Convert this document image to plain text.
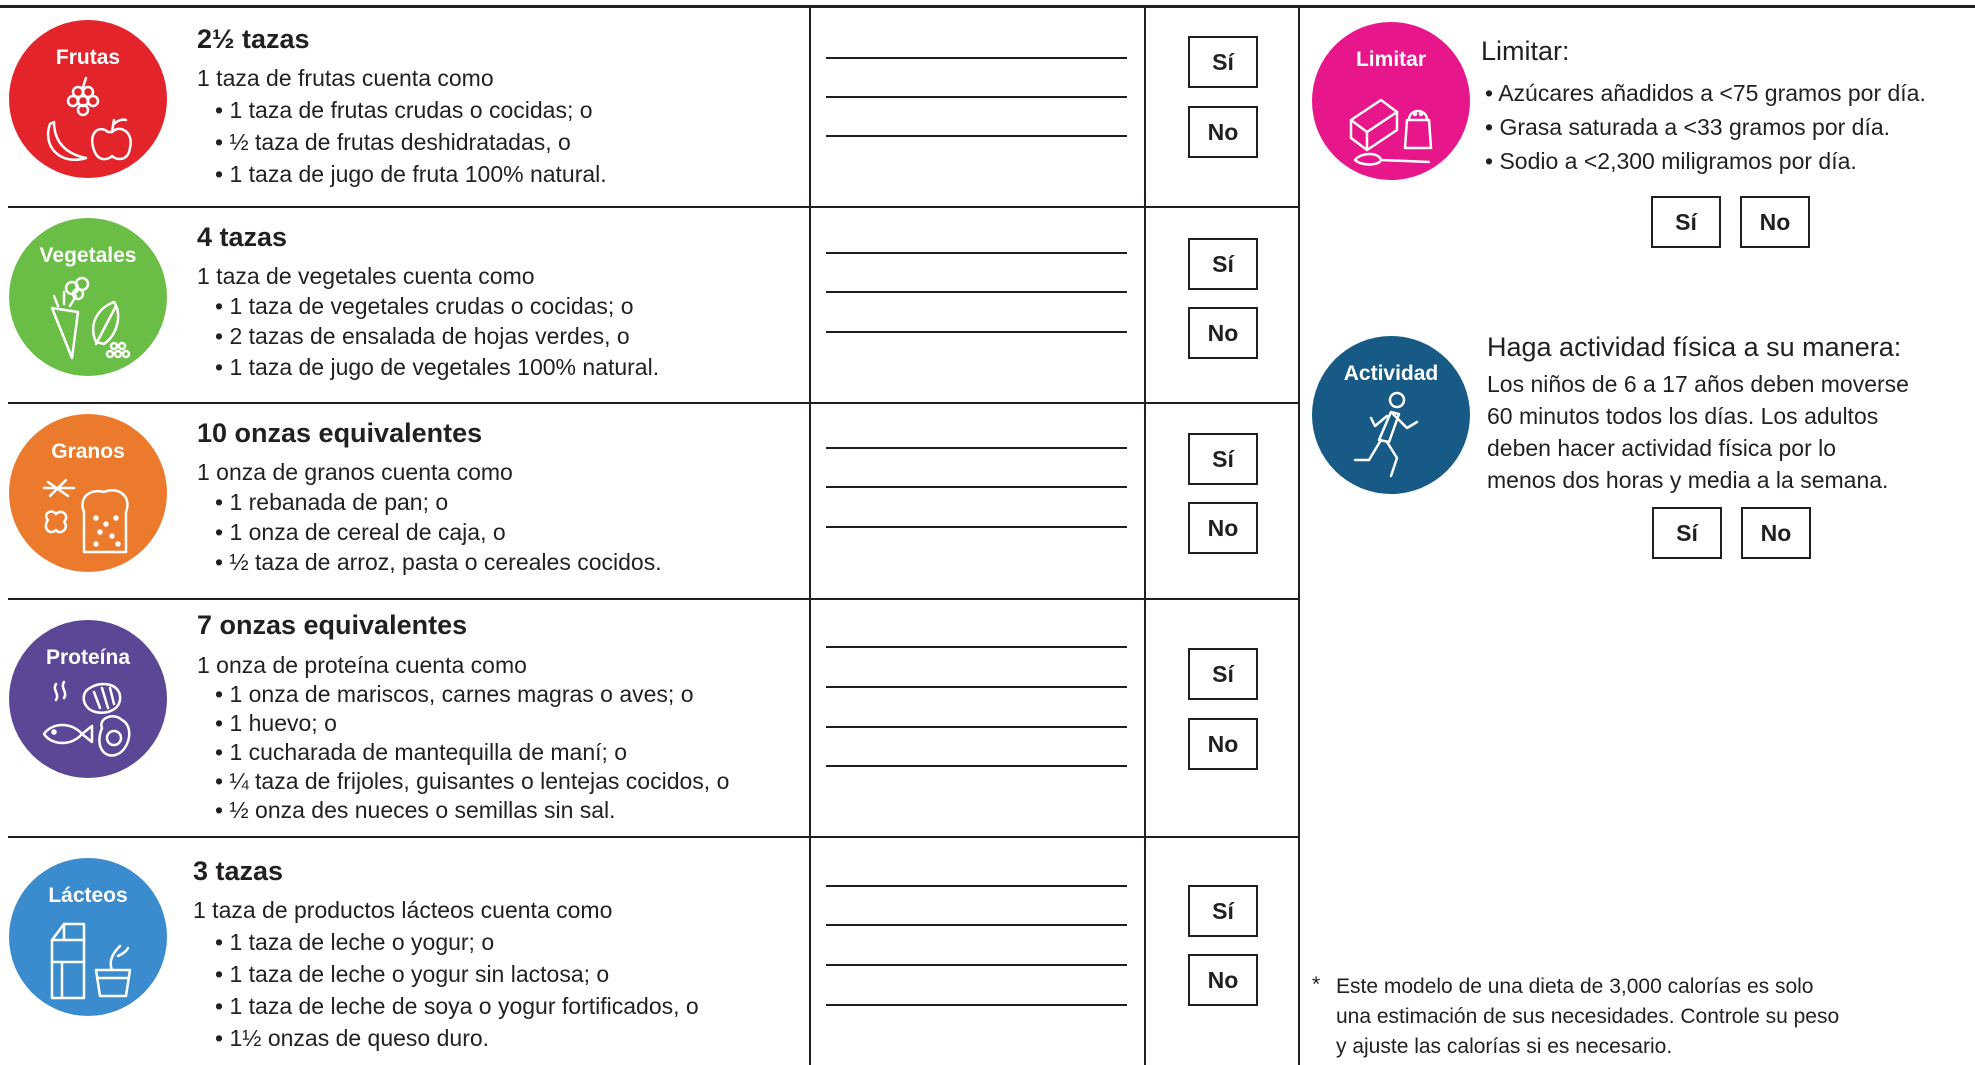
Frutas
2½ tazas
1 taza de frutas cuenta como
• 1 taza de frutas crudas o cocidas; o
• ½ taza de frutas deshidratadas, o
• 1 taza de jugo de fruta 100% natural.
Sí
No
Vegetales
4 tazas
1 taza de vegetales cuenta como
• 1 taza de vegetales crudas o cocidas; o
• 2 tazas de ensalada de hojas verdes, o
• 1 taza de jugo de vegetales 100% natural.
Sí
No
Granos
10 onzas equivalentes
1 onza de granos cuenta como
• 1 rebanada de pan; o
• 1 onza de cereal de caja, o
• ½ taza de arroz, pasta o cereales cocidos.
Sí
No
Proteína
7 onzas equivalentes
1 onza de proteína cuenta como
• 1 onza de mariscos, carnes magras o aves; o
• 1 huevo; o
• 1 cucharada de mantequilla de maní; o
• ¼ taza de frijoles, guisantes o lentejas cocidos, o
• ½ onza des nueces o semillas sin sal.
Sí
No
Lácteos
3 tazas
1 taza de productos lácteos cuenta como
• 1 taza de leche o yogur; o
• 1 taza de leche o yogur sin lactosa; o
• 1 taza de leche de soya o yogur fortificados, o
• 1½ onzas de queso duro.
Sí
No
Limitar	Limitar:
• Azúcares añadidos a <75 gramos por día.
• Grasa saturada a <33 gramos por día.
• Sodio a <2,300 miligramos por día.
Sí	No
Actividad
Haga actividad física a su manera:
Los niños de 6 a 17 años deben moverse
60 minutos todos los días. Los adultos
deben hacer actividad física por lo
menos dos horas y media a la semana.
Sí	No
* Este modelo de una dieta de 3,000 calorías es solo
una estimación de sus necesidades. Controle su peso
y ajuste las calorías si es necesario.
